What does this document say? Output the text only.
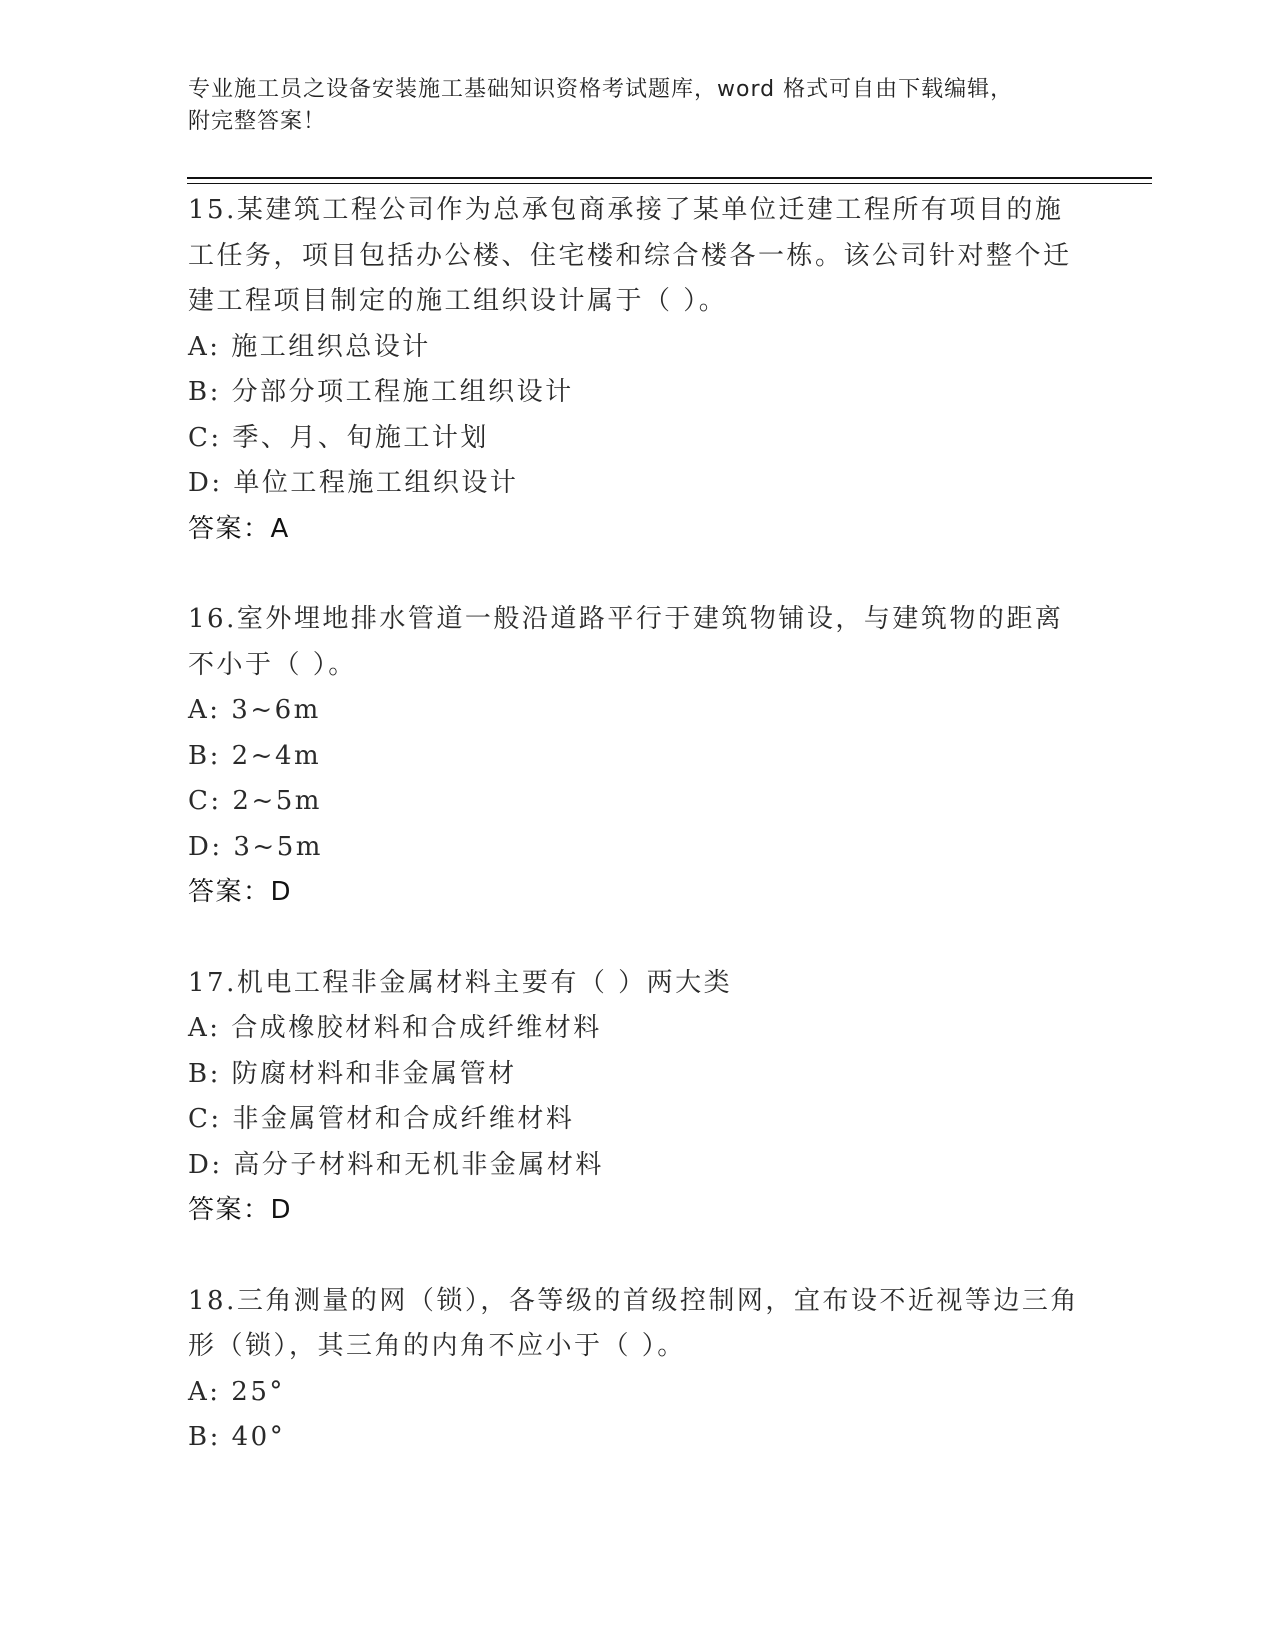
专业施工员之设备安装施工基础知识资格考试题库，word 格式可自由下载编辑，
附完整答案！

15.某建筑工程公司作为总承包商承接了某单位迁建工程所有项目的施工任务，项目包括办公楼、住宅楼和综合楼各一栋。该公司针对整个迁建工程项目制定的施工组织设计属于（ ）。

A: 施工组织总设计

B: 分部分项工程施工组织设计

C: 季、月、旬施工计划

D: 单位工程施工组织设计

答案：A

16.室外埋地排水管道一般沿道路平行于建筑物铺设，与建筑物的距离不小于（ ）。

A: 3~6m

B: 2~4m

C: 2~5m

D: 3~5m

答案：D

17.机电工程非金属材料主要有（ ）两大类

A: 合成橡胶材料和合成纤维材料

B: 防腐材料和非金属管材

C: 非金属管材和合成纤维材料

D: 高分子材料和无机非金属材料

答案：D

18.三角测量的网（锁），各等级的首级控制网，宜布设不近视等边三角形（锁），其三角的内角不应小于（ ）。

A: 25°

B: 40°
